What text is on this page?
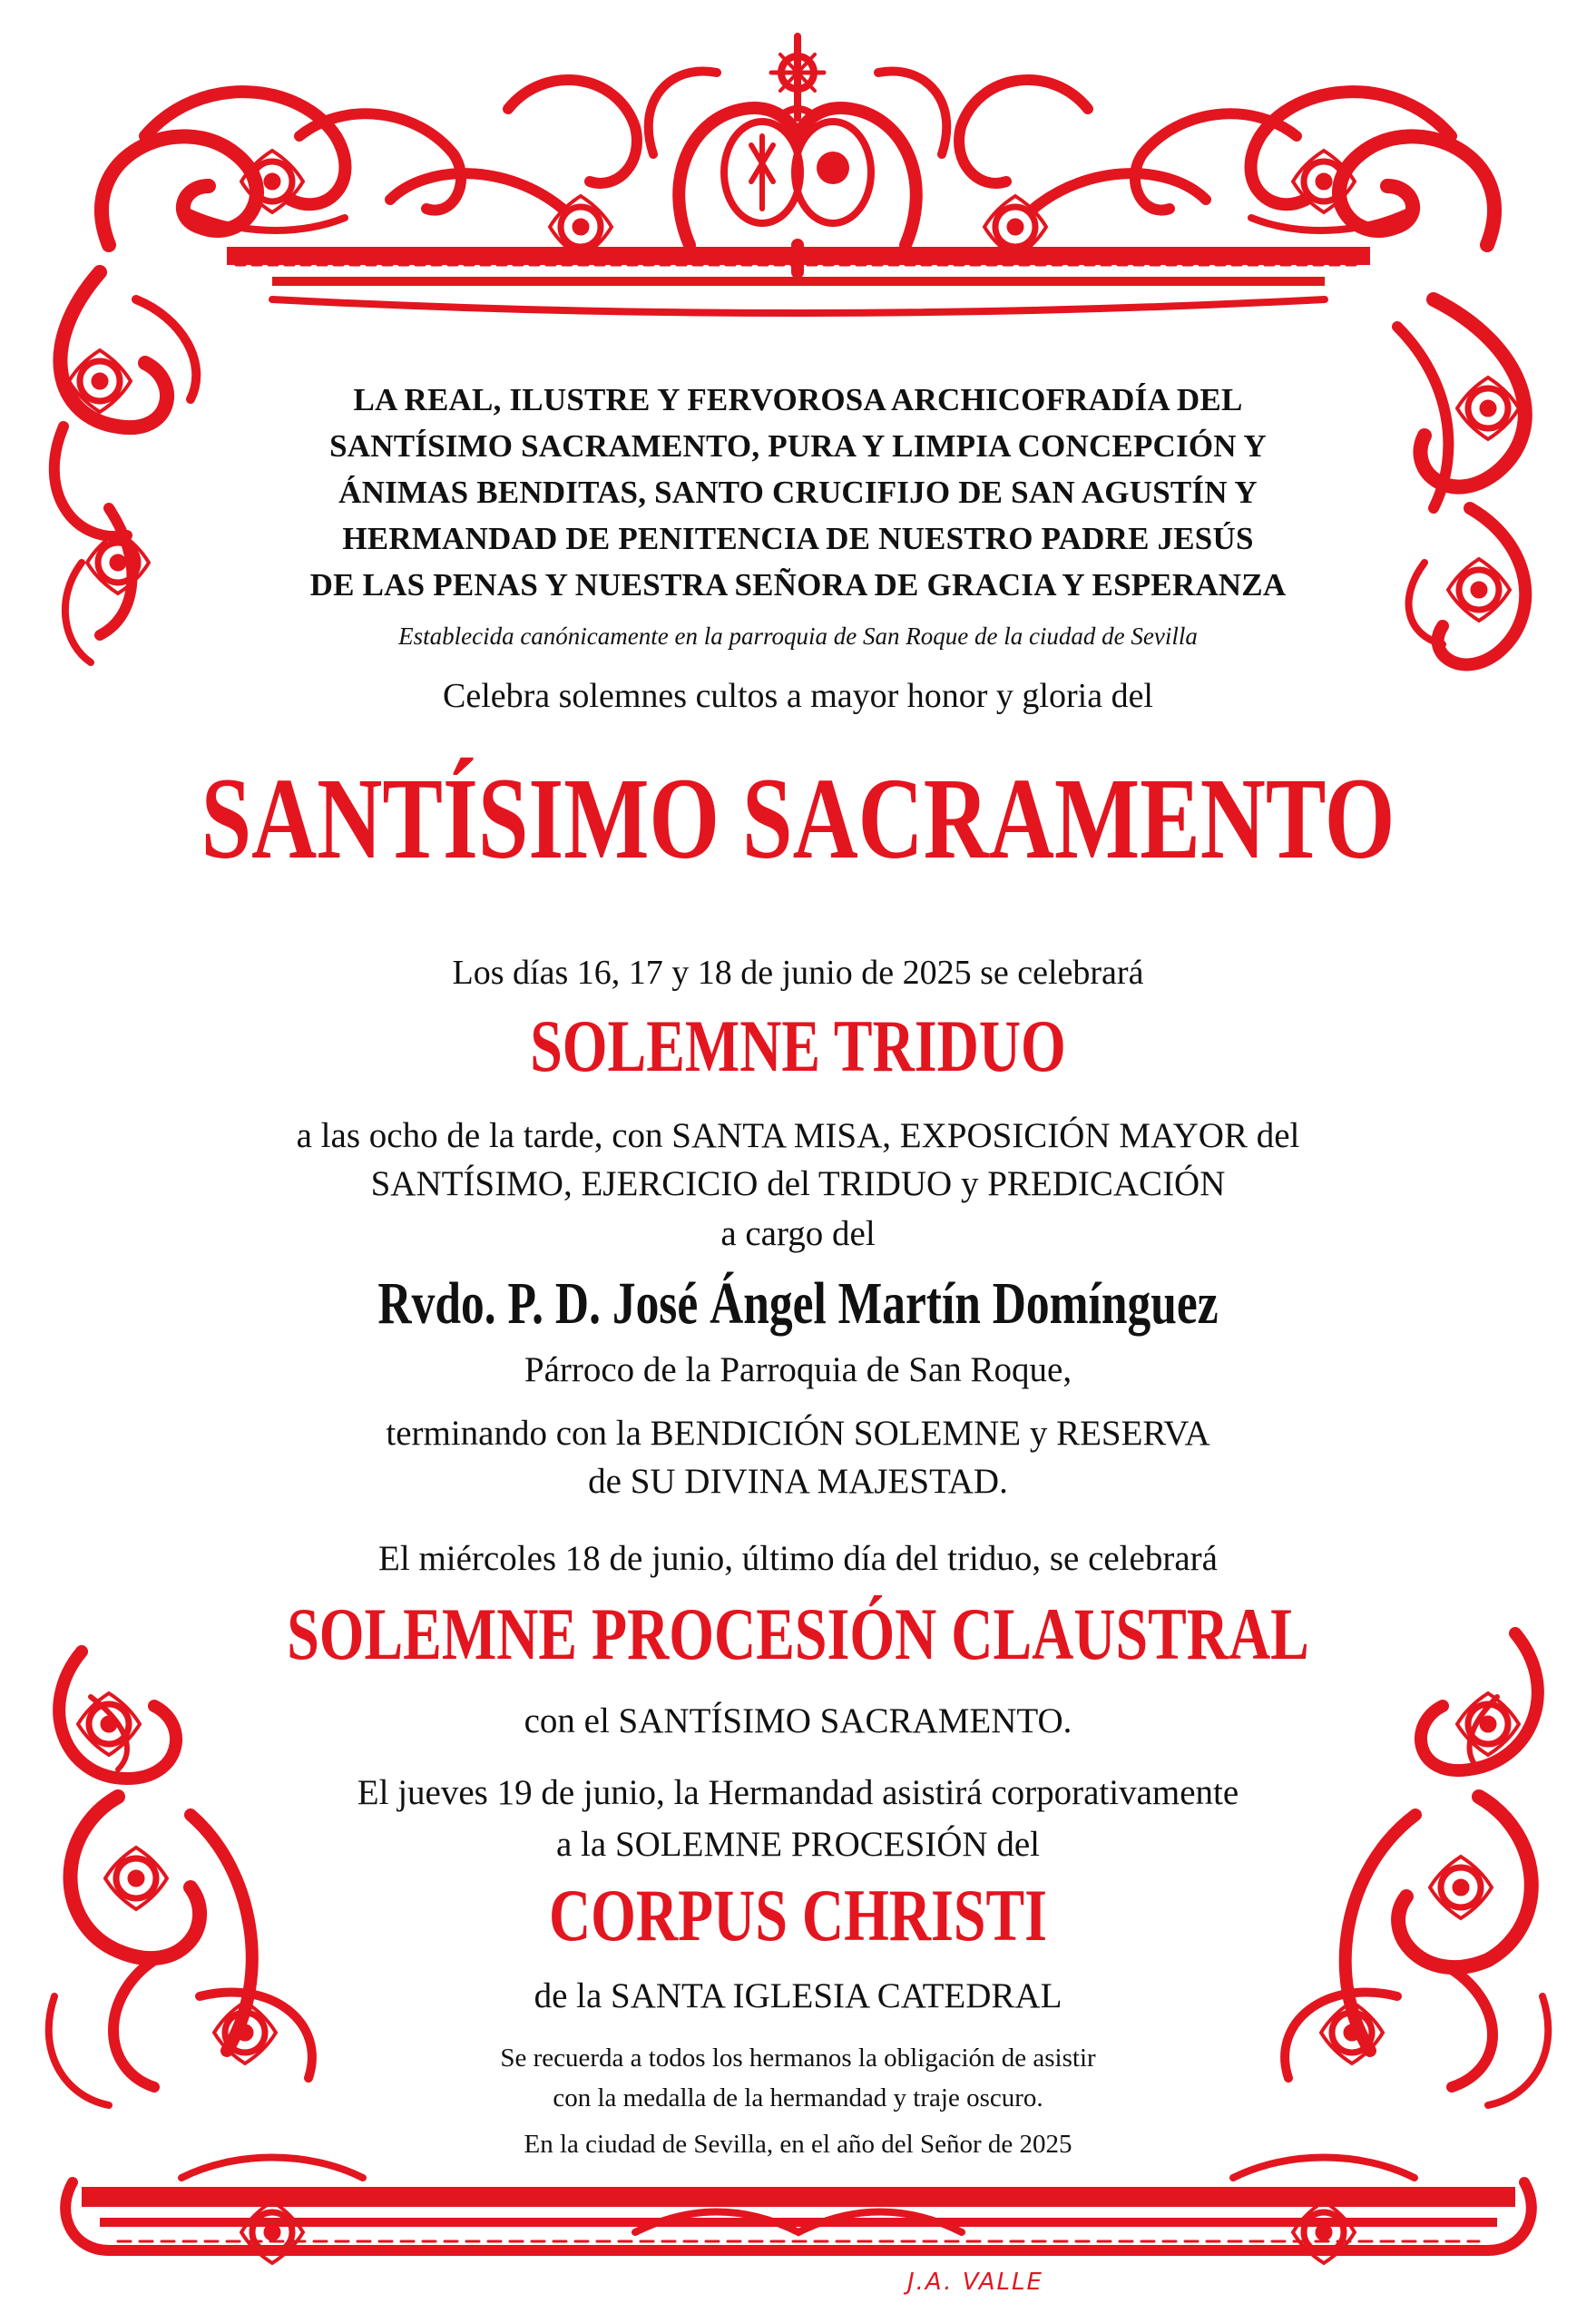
LA REAL, ILUSTRE Y FERVOROSA ARCHICOFRADÍA DEL

SANTÍSIMO SACRAMENTO, PURA Y LIMPIA CONCEPCIÓN Y

ÁNIMAS BENDITAS, SANTO CRUCIFIJO DE SAN AGUSTÍN Y

HERMANDAD DE PENITENCIA DE NUESTRO PADRE JESÚS

DE LAS PENAS Y NUESTRA SEÑORA DE GRACIA Y ESPERANZA

Establecida canónicamente en la parroquia de San Roque de la ciudad de Sevilla

Celebra solemnes cultos a mayor honor y gloria del

SANTÍSIMO SACRAMENTO

Los días 16, 17 y 18 de junio de 2025 se celebrará

SOLEMNE TRIDUO

a las ocho de la tarde, con SANTA MISA, EXPOSICIÓN MAYOR del

SANTÍSIMO, EJERCICIO del TRIDUO y PREDICACIÓN

a cargo del

Rvdo. P. D. José Ángel Martín Domínguez

Párroco de la Parroquia de San Roque,

terminando con la BENDICIÓN SOLEMNE y RESERVA

de SU DIVINA MAJESTAD.

El miércoles 18 de junio, último día del triduo, se celebrará

SOLEMNE PROCESIÓN CLAUSTRAL

con el SANTÍSIMO SACRAMENTO.

El jueves 19 de junio, la Hermandad asistirá corporativamente

a la SOLEMNE PROCESIÓN del

CORPUS CHRISTI

de la SANTA IGLESIA CATEDRAL

Se recuerda a todos los hermanos la obligación de asistir

con la medalla de la hermandad y traje oscuro.

En la ciudad de Sevilla, en el año del Señor de 2025

J.A. VALLE
